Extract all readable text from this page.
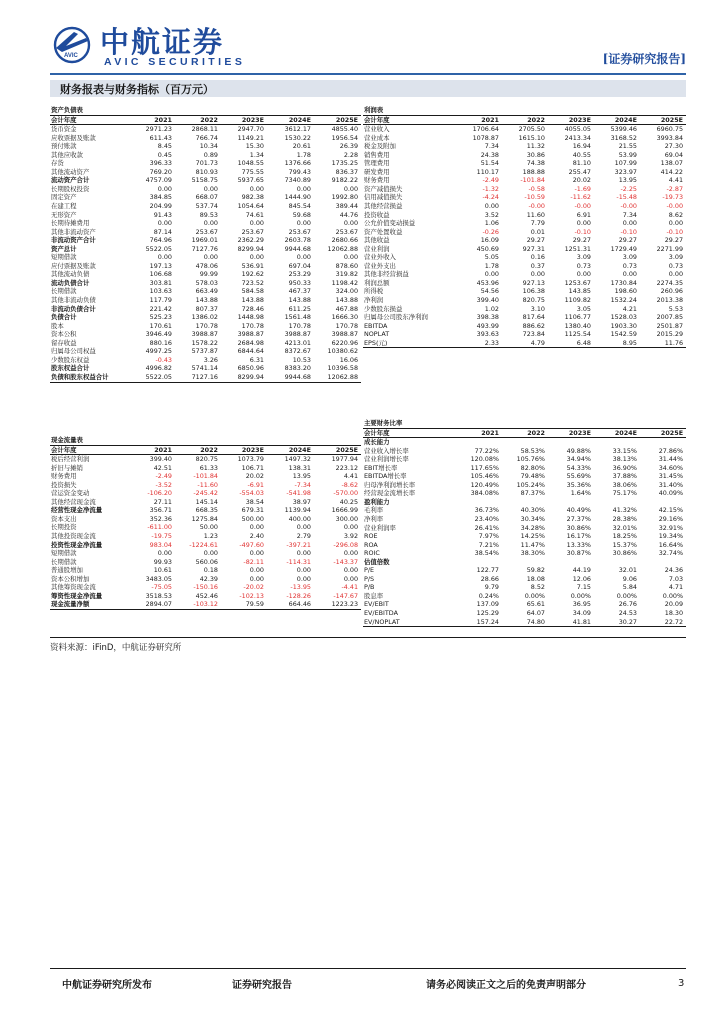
AVIC 中航证券
AVIC SECURITIES	[证券研究报告]
财务报表与财务指标（百万元）
资产负债表					
会计年度	2021	2022	2023E	2024E	2025E
货币资金	2971.23	2868.11	2947.70	3612.17	4855.40
应收票据及账款	611.43	766.74	1149.21	1530.22	1956.54
预付账款	8.45	10.34	15.30	20.61	26.39
其他应收款	0.45	0.89	1.34	1.78	2.28
存货	396.33	701.73	1048.55	1376.66	1735.25
其他流动资产	769.20	810.93	775.55	799.43	836.37
流动资产合计	4757.09	5158.75	5937.65	7340.89	9182.22
长期股权投资	0.00	0.00	0.00	0.00	0.00
固定资产	384.85	668.07	982.38	1444.90	1992.80
在建工程	204.99	537.74	1054.64	845.54	389.44
无形资产	91.43	89.53	74.61	59.68	44.76
长期待摊费用	0.00	0.00	0.00	0.00	0.00
其他非流动资产	87.14	253.67	253.67	253.67	253.67
非流动资产合计	764.96	1969.01	2362.29	2603.78	2680.66
资产总计	5522.05	7127.76	8299.94	9944.68	12062.88
短期借款	0.00	0.00	0.00	0.00	0.00
应付票据及账款	197.13	478.06	536.91	697.04	878.60
其他流动负债	106.68	99.99	192.62	253.29	319.82
流动负债合计	303.81	578.03	723.52	950.33	1198.42
长期借款	103.63	663.49	584.58	467.37	324.00
其他非流动负债	117.79	143.88	143.88	143.88	143.88
非流动负债合计	221.42	807.37	728.46	611.25	467.88
负债合计	525.23	1386.02	1448.98	1561.48	1666.30
股本	170.61	170.78	170.78	170.78	170.78
资本公积	3946.49	3988.87	3988.87	3988.87	3988.87
留存收益	880.16	1578.22	2684.98	4213.01	6220.96
归属母公司权益	4997.25	5737.87	6844.64	8372.67	10380.62
少数股东权益	-0.43	3.26	6.31	10.53	16.06
股东权益合计	4996.82	5741.14	6850.96	8383.20	10396.58
负债和股东权益合计	5522.05	7127.16	8299.94	9944.68	12062.88
现金流量表					
会计年度	2021	2022	2023E	2024E	2025E
税后经营利润	399.40	820.75	1073.79	1497.32	1977.94
折旧与摊销	42.51	61.33	106.71	138.31	223.12
财务费用	-2.49	-101.84	20.02	13.95	4.41
投资损失	-3.52	-11.60	-6.91	-7.34	-8.62
营运资金变动	-106.20	-245.42	-554.03	-541.98	-570.00
其他经营现金流	27.11	145.14	38.54	38.97	40.25
经营性现金净流量	356.71	668.35	679.31	1139.94	1666.99
资本支出	352.36	1275.84	500.00	400.00	300.00
长期投资	-611.00	50.00	0.00	0.00	0.00
其他投资现金流	-19.75	1.23	2.40	2.79	3.92
投资性现金净流量	983.04	-1224.61	-497.60	-397.21	-296.08
短期借款	0.00	0.00	0.00	0.00	0.00
长期借款	99.93	560.06	-82.11	-114.31	-143.37
普通股增加	10.61	0.18	0.00	0.00	0.00
资本公积增加	3483.05	42.39	0.00	0.00	0.00
其他筹资现金流	-75.05	-150.16	-20.02	-13.95	-4.41
筹资性现金净流量	3518.53	452.46	-102.13	-128.26	-147.67
现金流量净额	2894.07	-103.12	79.59	664.46	1223.23
利润表					
会计年度	2021	2022	2023E	2024E	2025E
营业收入	1706.64	2705.50	4055.05	5399.46	6960.75
营业成本	1078.87	1615.10	2413.34	3168.52	3993.84
税金及附加	7.34	11.32	16.94	21.55	27.30
销售费用	24.38	30.86	40.55	53.99	69.04
管理费用	51.54	74.38	81.10	107.99	138.07
研发费用	110.17	188.88	255.47	323.97	414.22
财务费用	-2.49	-101.84	20.02	13.95	4.41
资产减值损失	-1.32	-0.58	-1.69	-2.25	-2.87
信用减值损失	-4.24	-10.59	-11.62	-15.48	-19.73
其他经营损益	0.00	-0.00	-0.00	-0.00	-0.00
投资收益	3.52	11.60	6.91	7.34	8.62
公允价值变动损益	1.06	7.79	0.00	0.00	0.00
资产处置收益	-0.26	0.01	-0.10	-0.10	-0.10
其他收益	16.09	29.27	29.27	29.27	29.27
营业利润	450.69	927.31	1251.31	1729.49	2271.99
营业外收入	5.05	0.16	3.09	3.09	3.09
营业外支出	1.78	0.37	0.73	0.73	0.73
其他非经营损益	0.00	0.00	0.00	0.00	0.00
利润总额	453.96	927.13	1253.67	1730.84	2274.35
所得税	54.56	106.38	143.85	198.60	260.96
净利润	399.40	820.75	1109.82	1532.24	2013.38
少数股东损益	1.02	3.10	3.05	4.21	5.53
归属母公司股东净利润	398.38	817.64	1106.77	1528.03	2007.85
EBITDA	493.99	886.62	1380.40	1903.30	2501.87
NOPLAT	393.63	723.84	1125.54	1542.59	2015.29
EPS(元)	2.33	4.79	6.48	8.95	11.76
主要财务比率					
会计年度	2021	2022	2023E	2024E	2025E
成长能力					
营业收入增长率	77.22%	58.53%	49.88%	33.15%	27.86%
营业利润增长率	120.08%	105.76%	34.94%	38.13%	31.44%
EBIT增长率	117.65%	82.80%	54.33%	36.90%	34.60%
EBITDA增长率	105.46%	79.48%	55.69%	37.88%	31.45%
归母净利润增长率	120.49%	105.24%	35.36%	38.06%	31.40%
经营现金流增长率	384.08%	87.37%	1.64%	75.17%	40.09%
盈利能力					
毛利率	36.73%	40.30%	40.49%	41.32%	42.15%
净利率	23.40%	30.34%	27.37%	28.38%	29.16%
营业利润率	26.41%	34.28%	30.86%	32.01%	32.91%
ROE	7.97%	14.25%	16.17%	18.25%	19.34%
ROA	7.21%	11.47%	13.33%	15.37%	16.64%
ROIC	38.54%	38.30%	30.87%	30.86%	32.74%
估值倍数					
P/E	122.77	59.82	44.19	32.01	24.36
P/S	28.66	18.08	12.06	9.06	7.03
P/B	9.79	8.52	7.15	5.84	4.71
股息率	0.24%	0.00%	0.00%	0.00%	0.00%
EV/EBIT	137.09	65.61	36.95	26.76	20.09
EV/EBITDA	125.29	64.07	34.09	24.53	18.30
EV/NOPLAT	157.24	74.80	41.81	30.27	22.72
资料来源：iFinD，中航证券研究所
中航证券研究所发布	证券研究报告	请务必阅读正文之后的免责声明部分	3
